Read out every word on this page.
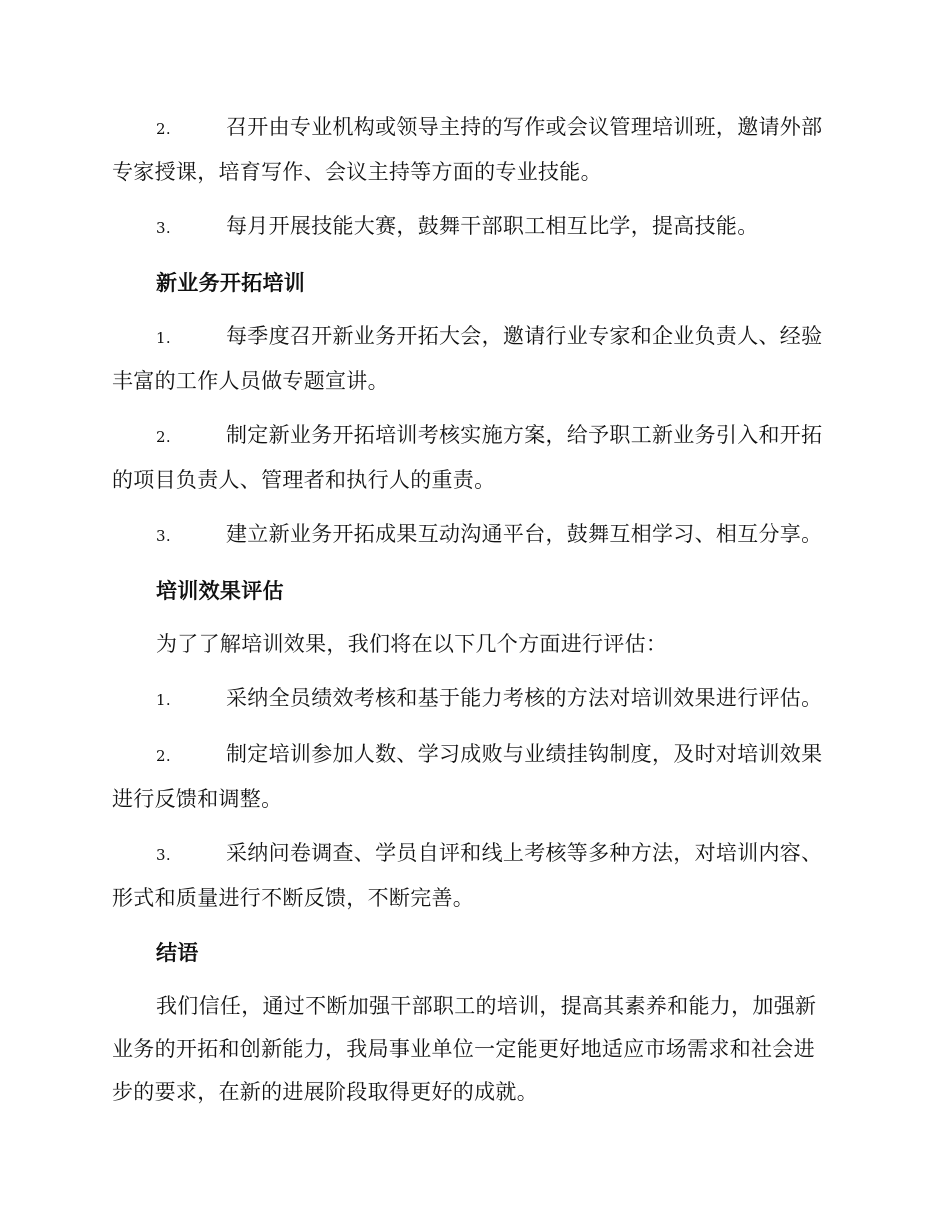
2.	召开由专业机构或领导主持的写作或会议管理培训班，邀请外部专家授课，培育写作、会议主持等方面的专业技能。
3.	每月开展技能大赛，鼓舞干部职工相互比学，提高技能。
新业务开拓培训
1.	每季度召开新业务开拓大会，邀请行业专家和企业负责人、经验丰富的工作人员做专题宣讲。
2.	制定新业务开拓培训考核实施方案，给予职工新业务引入和开拓的项目负责人、管理者和执行人的重责。
3.	建立新业务开拓成果互动沟通平台，鼓舞互相学习、相互分享。
培训效果评估
为了了解培训效果，我们将在以下几个方面进行评估：
1.	采纳全员绩效考核和基于能力考核的方法对培训效果进行评估。
2.	制定培训参加人数、学习成败与业绩挂钩制度，及时对培训效果进行反馈和调整。
3.	采纳问卷调查、学员自评和线上考核等多种方法，对培训内容、形式和质量进行不断反馈，不断完善。
结语
我们信任，通过不断加强干部职工的培训，提高其素养和能力，加强新业务的开拓和创新能力，我局事业单位一定能更好地适应市场需求和社会进步的要求，在新的进展阶段取得更好的成就。
